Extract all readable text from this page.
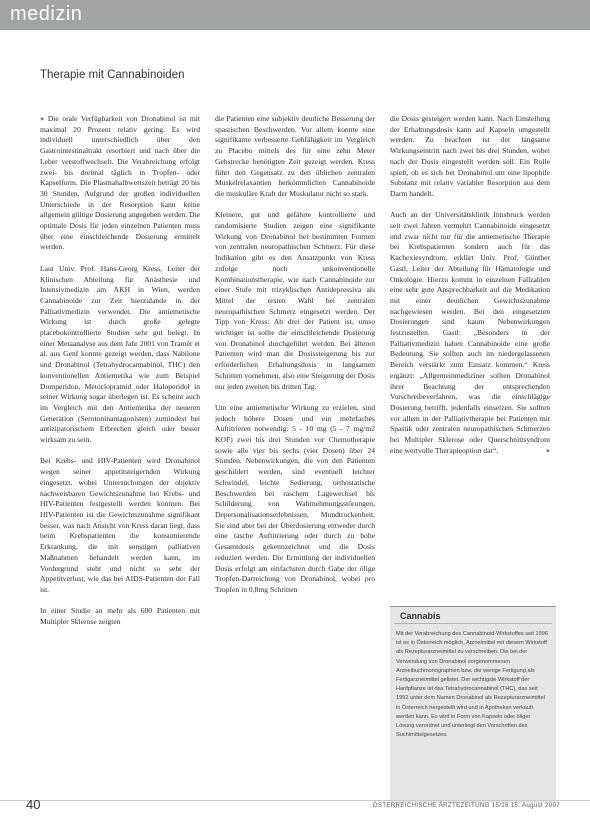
medizin
Therapie mit Cannabinoiden

» Die orale Verfügbarkeit von Dronabinol ist mit maximal 20 Prozent relativ gering. Es wird individuell unterschiedlich über den Gastrointestinaltrakt resorbiert und nach über die Leber verstoffwechselt. Die Verabreichung erfolgt zwei- bis dreimal täglich in Tropfen- oder Kapselform. Die Plasmahalbwertszeit beträgt 20 bis 30 Stunden. Aufgrund der großen individuellen Unterschiede in der Resorption kann keine allgemein gültige Dosierung angegeben werden. Die optimale Dosis für jeden einzelnen Patienten muss über eine einschleichende Dosierung ermittelt werden.

Laut Univ. Prof. Hans-Georg Kress, Leiter der Klinischen Abteilung für Anästhesie und Intensivmedizin am AKH in Wien, werden Cannabinoide zur Zeit hierzulande in der Palliativmedizin verwendet. Die antiemetische Wirkung ist durch große gelegte placebokontrollierte Studien sehr gut belegt. In einer Metaanalyse aus dem Jahr 2001 von Tramèr et al. aus Genf konnte gezeigt werden, dass Nabilone und Dronabinol (Tetrahydrocannabinol, THC) den konventionellen Antiemetika wie zum Beispiel Domperidon, Metoclopramid oder Haloperidol in seiner Wirkung sogar überlegen ist. Es scheint auch im Vergleich mit den Antiemetika der neueren Generation (Serotoninantagonisten) zumindest bei antizipatorischem Erbrechen gleich oder besser wirksam zu sein.

Bei Krebs- und HIV-Patienten wird Dronabinol wegen seiner appetitsteigernden Wirkung eingesetzt, wobei Untersuchungen der objektiv nachweisbaren Gewichtszunahme bei Krebs- und HIV-Patienten festgestellt werden konnten. Bei HIV-Patienten ist die Gewichtszunahme signifikant besser, was nach Ansicht von Kress daran liegt, dass beim Krebspatienten die konsumierende Erkrankung, die mit sonstigen palliativen Maßnahmen behandelt werden kann, im Vordergrund steht und nicht so sehr der Appetitverlust, wie das bei AIDS-Patienten der Fall ist.

In einer Studie an mehr als 600 Patienten mit Multipler Sklerose zeigten

die Patienten eine subjektiv deutliche Besserung der spastischen Beschwerden. Vor allem konnte eine signifikante verbesserte Gehfähigkeit im Vergleich zu Placebo mittels des für eine zehn Meter Gehstrecke benötigten Zeit gezeigt werden. Kress führt den Gegensatz zu den üblichen zentralen Muskelrelaxantien herkömmlichen Cannabinoide die muskuläre Kraft der Muskulatur nicht so stark.

Kleinere, gut und gefährte kontrollierte und randomisierte Studien zeigen eine signifikante Wirkung von Dronabinol bei bestimmten Formen von zentralen neuropathischen Schmerz. Für diese Indikation gibt es den Ansatzpunkt von Kress zufolge noch unkonventionelle Kombinationstherapie, wie nach Cannabinoide zur einer Stufe mit trizyklischen Antidepressiva als Mittel der ersten Wahl bei zentralen neuropathischen Schmerz eingesetzt werden. Der Tipp von Kress: Ab drei der Patient ist, umso wichtiger ist sollte die einschleichende Dosierung von Dronabinol durchgeführt werden. Bei älteren Patienten wird man die Dosissteigerung bis zur erforderlichen Erhaltungsdosis in langsamen Schritten vornehmen, also eine Steigerung der Dosis nur jeden zweiten bis dritten Tag.

Um eine antiemetische Wirkung zu erzielen, sind jedoch höhere Dosen und ein mehrfaches Auftitrieren notwendig: 5 - 10 mg (5 - 7 mg/m2 KOF) zwei bis drei Stunden vor Chemotherapie sowie alle vier bis sechs (vier Dosen) über 24 Stunden. Nebenwirkungen, die von den Patienten geschildert werden, sind eventuell leichter Schwindel, leichte Sedierung, orthostatische Beschwerden bei raschem Lagewechsel bis Schilderung von Wahrnehmungsstörungen, Depersonalisationserlebnissen, Mundtrockenheit, Sie sind aber bei der Überdosierung entweder durch eine rasche Auftitrierung oder durch zu hohe Gesamtdosis gekennzeichnet und die Dosis reduziert werden. Die Ermittlung der individuellen Dosis erfolgt am einfachsten durch Gabe der ölige Tropfen-Darreichung von Dronabinol, wobei pro Tropfen in 0,8mg Schritten

die Dosis gesteigert werden kann. Nach Einstellung der Erhaltungsdosis kann auf Kapseln umgestellt werden. Zu beachten ist der langsame Wirkungseintritt nach zwei bis drei Stunden, wobei nach der Dosis eingestellt werden soll. Ein Rolle spielt, ob es sich bei Dronabinol um eine lipophile Substanz mit relativ variabler Resorption aus dem Darm handelt.

Auch an der Universitätsklinik Innsbruck werden seit zwei Jahren vermehrt Cannabinoide eingesetzt und zwar nicht nur für die antiemetische Therapie bei Krebspatienten sondern auch für das Kachexiesyndrom, erklärt Univ. Prof. Günther Gastl, Leiter der Abteilung für Hämatologie und Onkologie. Hierzu kommt in einzelnen Fallzahlen eine sehr gute Ansprechbarkeit auf die Medikation mit einer deutlichen Gewichtszunahme nachgewiesen werden. Bei den eingesetzten Dosierungen sind kaum Nebenwirkungen festzustellen. Gastl: „Besonders in der Palliativmedizin haben Cannabinoide eine große Bedeutung. Sie sollten auch im niedergelassenen Bereich verstärkt zum Einsatz kommen.“ Kress ergänzt: „Allgemeinmediziner sollten Dronabinol ihrer Beachtung der entsprechenden Vorschreibeverfahren, was die einschlägige Dosierung betrifft, jedenfalls einsetzen. Sie sollten vor allem in der Palliativtherapie bei Patienten mit Spastik oder zentralen neuropathischen Schmerzen bei Multipler Sklerose oder Querschnittsyndrom eine wertvolle Therapieoption dar“.	»

Cannabis
Mit der Verabreichung des Cannabinoid-Wirkstoffes seit 1996 ist es in Österreich möglich, Arzneimittel mit diesem Wirkstoff als Rezepturarzneimittel zu verschreiben. Die bei der Verwendung von Dronabinol vorgenommenen Arzneibuchmonographien bzw. die wenige Fertigung als Fertigarzneimittel gelistet. Der wichtigste Wirkstoff der Hanfpflanze ist das Tetrahydrocannabinol (THC), das seit 1992 unter dem Namen Dronabinol als Rezepturarzneimittel in Österreich hergestellt wird und in Apotheken verkauft werden kann. Es wird in Form von Kapseln oder öliger Lösung verordnet und unterliegt den Vorschriften des Suchtmittelgesetzes.
40	ÖSTERREICHISCHE ÄRZTEZEITUNG 15/16 15. August 2007
